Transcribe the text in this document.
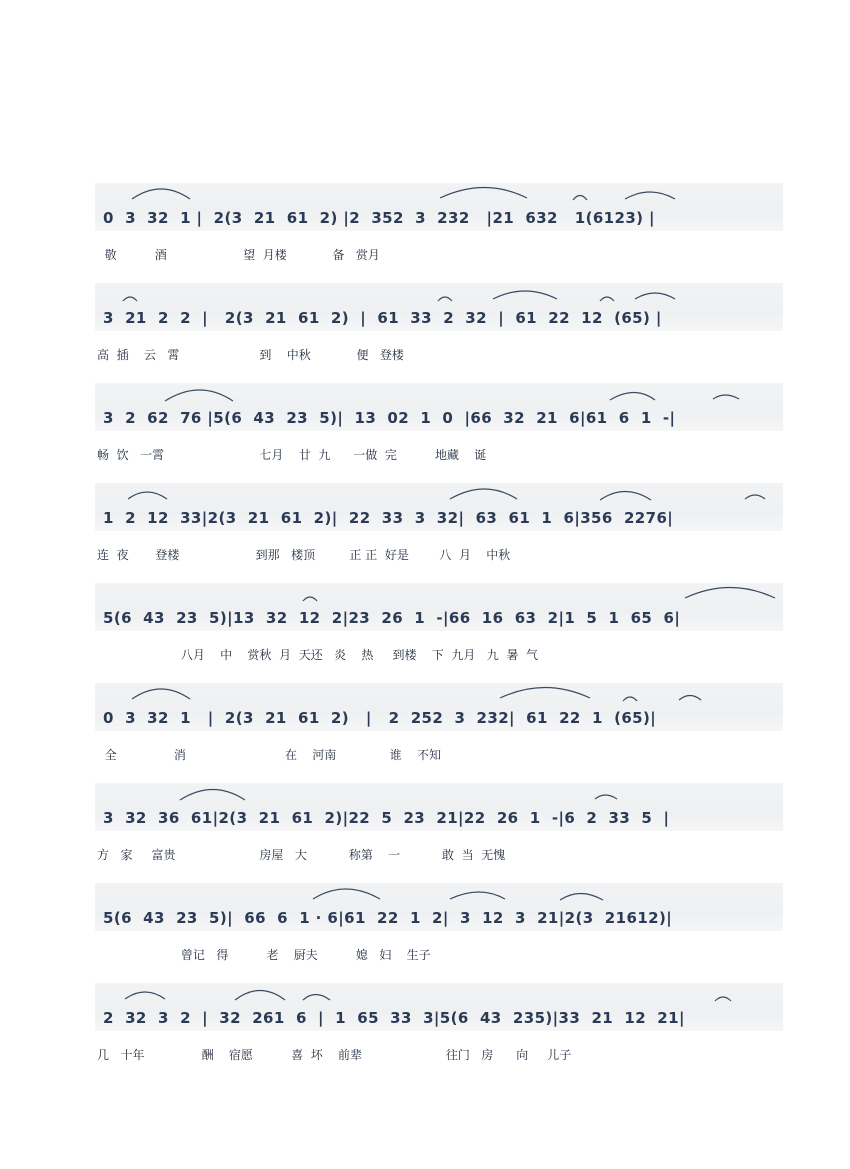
0  3  32  1 |  2(3  21  61  2) |2  352  3  232   |21  632   1(6123) |
敬          酒                    望  月楼            备   赏月
3  21  2  2  |   2(3  21  61  2)  |  61  33  2  32  |  61  22  12  (65) |
高  插    云   霄                     到    中秋            便   登楼
3  2  62  76 |5(6  43  23  5)|  13  02  1  0  |66  32  21  6|61  6  1  -|
畅  饮   一霄                         七月    廿  九      一做  完          地藏    诞
1  2  12  33|2(3  21  61  2)|  22  33  3  32|  63  61  1  6|356  2276|
连  夜       登楼                    到那   楼顶         正 正  好是        八  月    中秋
5(6  43  23  5)|13  32  12  2|23  26  1  -|66  16  63  2|1  5  1  65  6|
八月    中    赏秋  月  天还   炎    热     到楼    下  九月   九  暑  气
0  3  32  1   |  2(3  21  61  2)   |   2  252  3  232|  61  22  1  (65)|
全               消                          在    河南              谁    不知
3  32  36  61|2(3  21  61  2)|22  5  23  21|22  26  1  -|6  2  33  5  |
方   家     富贵                      房屋   大           称第    一           敢  当  无愧
5(6  43  23  5)|  66  6  1 · 6|61  22  1  2|  3  12  3  21|2(3  21612)|
曾记   得          老    厨夫          媳   妇    生子
2  32  3  2  |  32  261  6  |  1  65  33  3|5(6  43  235)|33  21  12  21|
几   十年               酬    宿愿          喜  坏    前辈                      往门   房      向     儿子
